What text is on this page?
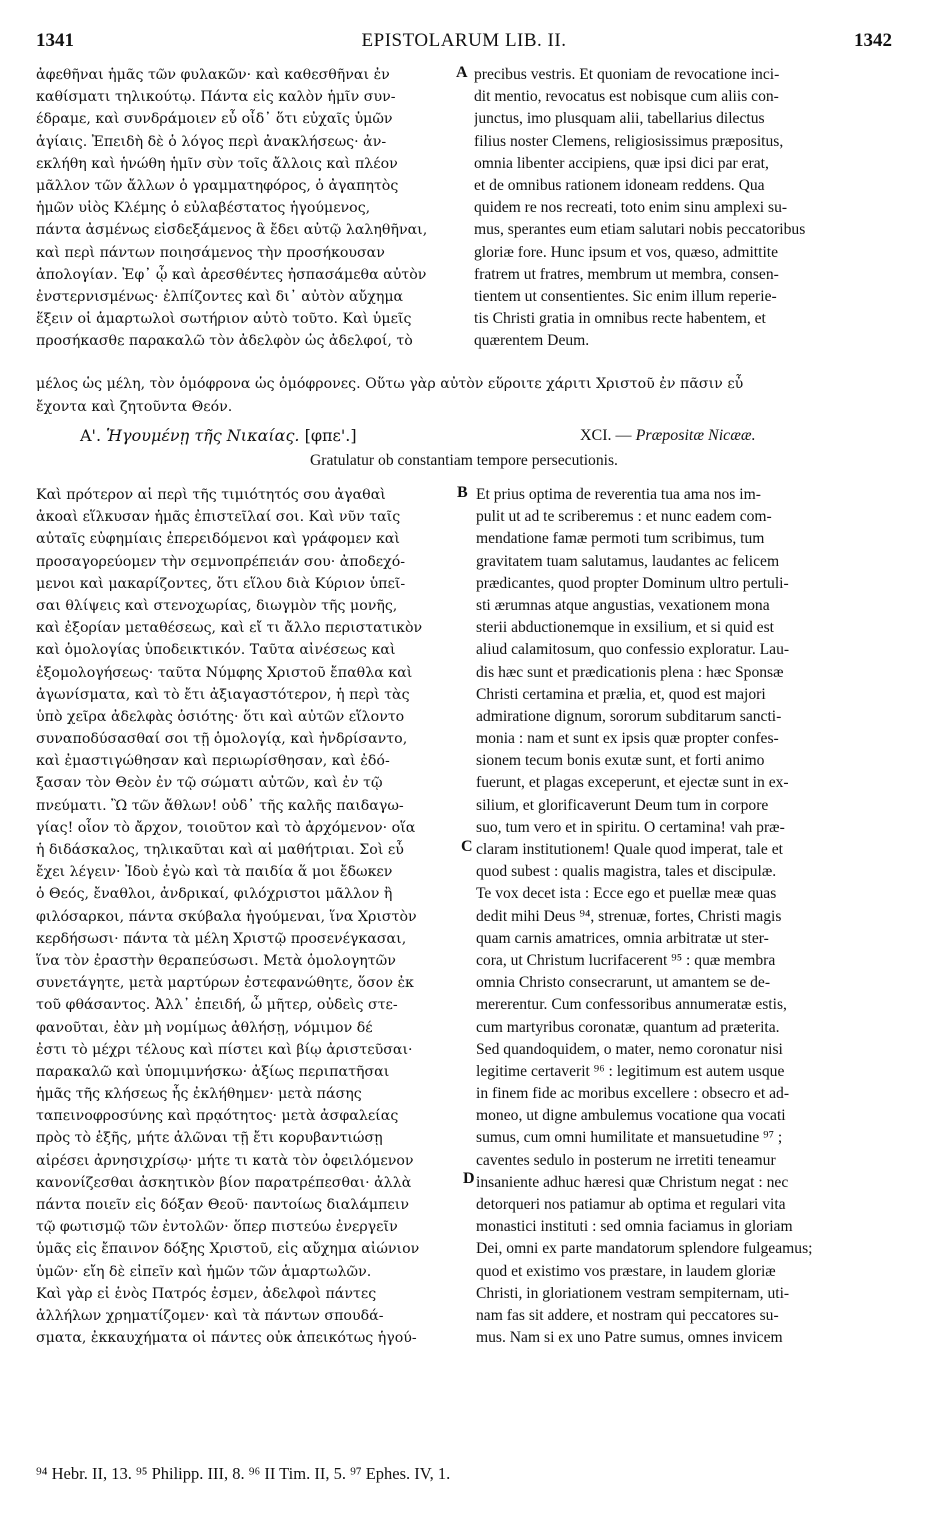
1341	EPISTOLARUM LIB. II.	1342
ἀφεθῆναι ἡμᾶς τῶν φυλακῶν· καὶ καθεσθῆναι ἐν
καθίσματι τηλικούτῳ. Πάντα εἰς καλὸν ἡμῖν συν-
έδραμε, καὶ συνδράμοιεν εὖ οἶδ᾽ ὅτι εὐχαῖς ὑμῶν
ἁγίαις. Ἐπειδὴ δὲ ὁ λόγος περὶ ἀνακλήσεως· ἀν-
εκλήθη καὶ ἡνώθη ἡμῖν σὺν τοῖς ἄλλοις καὶ πλέον
μᾶλλον τῶν ἄλλων ὁ γραμματηφόρος, ὁ ἀγαπητὸς
ἡμῶν υἱὸς Κλέμης ὁ εὐλαβέστατος ἡγούμενος,
πάντα ἀσμένως εἰσδεξάμενος ἃ ἔδει αὐτῷ λαληθῆναι,
καὶ περὶ πάντων ποιησάμενος τὴν προσήκουσαν
ἀπολογίαν. Ἐφ᾽ ᾧ καὶ ἀρεσθέντες ἠσπασάμεθα αὐτὸν
ἐνστερνισμένως· ἐλπίζοντες καὶ δι᾽ αὐτὸν αὔχημα
ἕξειν οἱ ἁμαρτωλοὶ σωτήριον αὐτὸ τοῦτο. Καὶ ὑμεῖς
προσήκασθε παρακαλῶ τὸν ἀδελφὸν ὡς ἀδελφοί, τὸ
precibus vestris. Et quoniam de revocatione inci-
dit mentio, revocatus est nobisque cum aliis con-
junctus, imo plusquam alii, tabellarius dilectus
filius noster Clemens, religiosissimus præpositus,
omnia libenter accipiens, quæ ipsi dici par erat,
et de omnibus rationem idoneam reddens. Qua
quidem re nos recreati, toto enim sinu amplexi su-
mus, sperantes eum etiam salutari nobis peccatoribus
gloriæ fore. Hunc ipsum et vos, quæso, admittite
fratrem ut fratres, membrum ut membra, consen-
tientem ut consentientes. Sic enim illum reperie-
tis Christi gratia in omnibus recte habentem, et
quærentem Deum.
A
μέλος ὡς μέλη, τὸν ὁμόφρονα ὡς ὁμόφρονες. Οὕτω γὰρ αὐτὸν εὕροιτε χάριτι Χριστοῦ ἐν πᾶσιν εὖ
ἔχοντα καὶ ζητοῦντα Θεόν.
Α'. Ἡγουμένῃ τῆς Νικαίας. [φπε'.]	XCI. — Præpositæ Nicææ.
Gratulatur ob constantiam tempore persecutionis.
Καὶ πρότερον αἱ περὶ τῆς τιμιότητός σου ἀγαθαὶ
ἀκοαὶ εἵλκυσαν ἡμᾶς ἐπιστεῖλαί σοι. Καὶ νῦν ταῖς
αὐταῖς εὐφημίαις ἐπερειδόμενοι καὶ γράφομεν καὶ
προσαγορεύομεν τὴν σεμνοπρέπειάν σου· ἀποδεχό-
μενοι καὶ μακαρίζοντες, ὅτι εἵλου διὰ Κύριον ὑπεῖ-
σαι θλίψεις καὶ στενοχωρίας, διωγμὸν τῆς μονῆς,
καὶ ἐξορίαν μεταθέσεως, καὶ εἴ τι ἄλλο περιστατικὸν
καὶ ὁμολογίας ὑποδεικτικόν. Ταῦτα αἰνέσεως καὶ
ἐξομολογήσεως· ταῦτα Νύμφης Χριστοῦ ἔπαθλα καὶ
ἀγωνίσματα, καὶ τὸ ἔτι ἀξιαγαστότερον, ἡ περὶ τὰς
ὑπὸ χεῖρα ἀδελφὰς ὁσιότης· ὅτι καὶ αὐτῶν εἵλοντο
συναποδύσασθαί σοι τῇ ὁμολογίᾳ, καὶ ἠνδρίσαντο,
καὶ ἐμαστιγώθησαν καὶ περιωρίσθησαν, καὶ ἐδό-
ξασαν τὸν Θεὸν ἐν τῷ σώματι αὐτῶν, καὶ ἐν τῷ
πνεύματι. Ὢ τῶν ἄθλων! οὐδ᾽ τῆς καλῆς παιδαγω-
γίας! οἷον τὸ ἄρχον, τοιοῦτον καὶ τὸ ἀρχόμενον· οἵα
ἡ διδάσκαλος, τηλικαῦται καὶ αἱ μαθήτριαι. Σοὶ εὖ
ἔχει λέγειν· Ἰδοὺ ἐγὼ καὶ τὰ παιδία ἅ μοι ἔδωκεν
ὁ Θεός, ἔναθλοι, ἀνδρικαί, φιλόχριστοι μᾶλλον ἢ
φιλόσαρκοι, πάντα σκύβαλα ἡγούμεναι, ἵνα Χριστὸν
κερδήσωσι· πάντα τὰ μέλη Χριστῷ προσενέγκασαι,
ἵνα τὸν ἐραστὴν θεραπεύσωσι. Μετὰ ὁμολογητῶν
συνετάγητε, μετὰ μαρτύρων ἐστεφανώθητε, ὅσον ἐκ
τοῦ φθάσαντος. Ἀλλ᾽ ἐπειδή, ὦ μῆτερ, οὐδεὶς στε-
φανοῦται, ἐὰν μὴ νομίμως ἀθλήσῃ, νόμιμον δέ
ἐστι τὸ μέχρι τέλους καὶ πίστει καὶ βίῳ ἀριστεῦσαι·
παρακαλῶ καὶ ὑπομιμνήσκω· ἀξίως περιπατῆσαι
ἡμᾶς τῆς κλήσεως ἧς ἐκλήθημεν· μετὰ πάσης
ταπεινοφροσύνης καὶ πρᾳότητος· μετὰ ἀσφαλείας
πρὸς τὸ ἑξῆς, μήτε ἁλῶναι τῇ ἔτι κορυβαντιώσῃ
αἱρέσει ἀρνησιχρίσῳ· μήτε τι κατὰ τὸν ὀφειλόμενον
κανονίζεσθαι ἀσκητικὸν βίον παρατρέπεσθαι· ἀλλὰ
πάντα ποιεῖν εἰς δόξαν Θεοῦ· παντοίως διαλάμπειν
τῷ φωτισμῷ τῶν ἐντολῶν· ὅπερ πιστεύω ἐνεργεῖν
ὑμᾶς εἰς ἔπαινον δόξης Χριστοῦ, εἰς αὔχημα αἰώνιον
ὑμῶν· εἴη δὲ εἰπεῖν καὶ ἡμῶν τῶν ἁμαρτωλῶν.
Καὶ γὰρ εἰ ἑνὸς Πατρός ἐσμεν, ἀδελφοὶ πάντες
ἀλλήλων χρηματίζομεν· καὶ τὰ πάντων σπουδά-
σματα, ἐκκαυχήματα οἱ πάντες οὐκ ἀπεικότως ἡγού-
Et prius optima de reverentia tua ama nos im-
pulit ut ad te scriberemus : et nunc eadem com-
mendatione famæ permoti tum scribimus, tum
gravitatem tuam salutamus, laudantes ac felicem
prædicantes, quod propter Dominum ultro pertuli-
sti ærumnas atque angustias, vexationem mona
sterii abductionemque in exsilium, et si quid est
aliud calamitosum, quo confessio exploratur. Lau-
dis hæc sunt et prædicationis plena : hæc Sponsæ
Christi certamina et prælia, et, quod est majori
admiratione dignum, sororum subditarum sancti-
monia : nam et sunt ex ipsis quæ propter confes-
sionem tecum bonis exutæ sunt, et forti animo
fuerunt, et plagas exceperunt, et ejectæ sunt in ex-
silium, et glorificaverunt Deum tum in corpore
suo, tum vero et in spiritu. O certamina! vah præ-
claram institutionem! Quale quod imperat, tale et
quod subest : qualis magistra, tales et discipulæ.
Te vox decet ista : Ecce ego et puellæ meæ quas
dedit mihi Deus ⁹⁴, strenuæ, fortes, Christi magis
quam carnis amatrices, omnia arbitratæ ut ster-
cora, ut Christum lucrifacerent ⁹⁵ : quæ membra
omnia Christo consecrarunt, ut amantem se de-
mererentur. Cum confessoribus annumeratæ estis,
cum martyribus coronatæ, quantum ad præterita.
Sed quandoquidem, o mater, nemo coronatur nisi
legitime certaverit ⁹⁶ : legitimum est autem usque
in finem fide ac moribus excellere : obsecro et ad-
moneo, ut digne ambulemus vocatione qua vocati
sumus, cum omni humilitate et mansuetudine ⁹⁷ ;
caventes sedulo in posterum ne irretiti teneamur
insaniente adhuc hæresi quæ Christum negat : nec
detorqueri nos patiamur ab optima et regulari vita
monastici instituti : sed omnia faciamus in gloriam
Dei, omni ex parte mandatorum splendore fulgeamus;
quod et existimo vos præstare, in laudem gloriæ
Christi, in gloriationem vestram sempiternam, uti-
nam fas sit addere, et nostram qui peccatores su-
mus. Nam si ex uno Patre sumus, omnes invicem
B
C
D
⁹⁴ Hebr. II, 13. ⁹⁵ Philipp. III, 8. ⁹⁶ II Tim. II, 5. ⁹⁷ Ephes. IV, 1.
